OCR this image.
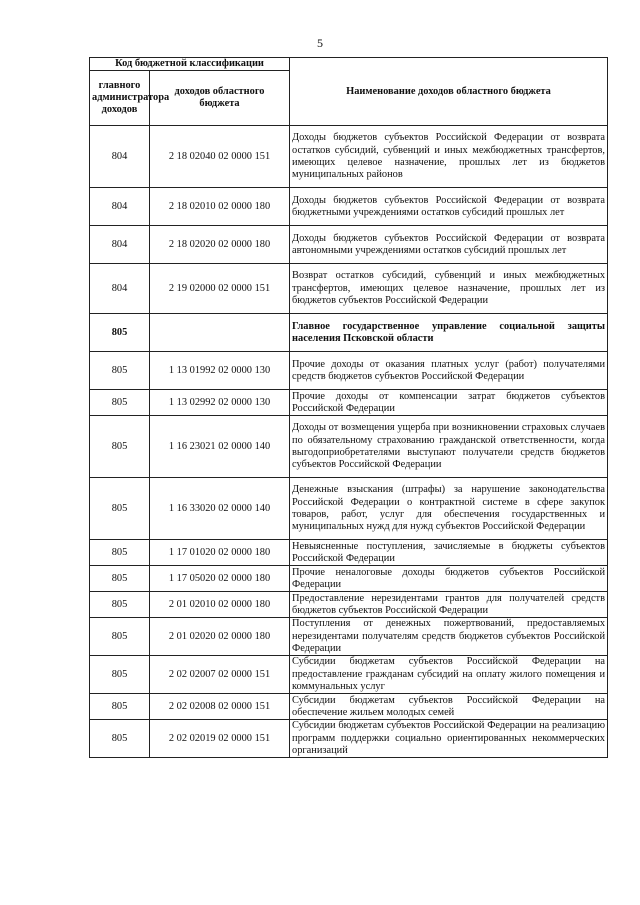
5
Код бюджетной классификации		Наименование доходов областного бюджета

главного администратора доходов	доходов областного бюджета	

804	2 18 02040 02 0000 151	Доходы бюджетов субъектов Российской Федерации от возврата остатков субсидий, субвенций и иных межбюджетных трансфертов, имеющих целевое назначение, прошлых лет из бюджетов муниципальных районов
804	2 18 02010 02 0000 180	Доходы бюджетов субъектов Российской Федерации от возврата бюджетными учреждениями остатков субсидий прошлых лет
804	2 18 02020 02 0000 180	Доходы бюджетов субъектов Российской Федерации от возврата автономными учреждениями остатков субсидий прошлых лет
804	2 19 02000 02 0000 151	Возврат остатков субсидий, субвенций и иных межбюджетных трансфертов, имеющих целевое назначение, прошлых лет из бюджетов субъектов Российской Федерации
805		Главное государственное управление социальной защиты населения Псковской области
805	1 13 01992 02 0000 130	Прочие доходы от оказания платных услуг (работ) получателями средств бюджетов субъектов Российской Федерации
805	1 13 02992 02 0000 130	Прочие доходы от компенсации затрат бюджетов субъектов Российской Федерации
805	1 16 23021 02 0000 140	Доходы от возмещения ущерба при возникновении страховых случаев по обязательному страхованию гражданской ответственности, когда выгодоприобретателями выступают получатели средств бюджетов субъектов Российской Федерации
805	1 16 33020 02 0000 140	Денежные взыскания (штрафы) за нарушение законодательства Российской Федерации о контрактной системе в сфере закупок товаров, работ, услуг для обеспечения государственных и муниципальных нужд для нужд субъектов Российской Федерации
805	1 17 01020 02 0000 180	Невыясненные поступления, зачисляемые в бюджеты субъектов Российской Федерации
805	1 17 05020 02 0000 180	Прочие неналоговые доходы бюджетов субъектов Российской Федерации
805	2 01 02010 02 0000 180	Предоставление нерезидентами грантов для получателей средств бюджетов субъектов Российской Федерации
805	2 01 02020 02 0000 180	Поступления от денежных пожертвований, предоставляемых нерезидентами получателям средств бюджетов субъектов Российской Федерации
805	2 02 02007 02 0000 151	Субсидии бюджетам субъектов Российской Федерации на предоставление гражданам субсидий на оплату жилого помещения и коммунальных услуг
805	2 02 02008 02 0000 151	Субсидии бюджетам субъектов Российской Федерации на обеспечение жильем молодых семей
805	2 02 02019 02 0000 151	Субсидии бюджетам субъектов Российской Федерации на реализацию программ поддержки социально ориентированных некоммерческих организаций
